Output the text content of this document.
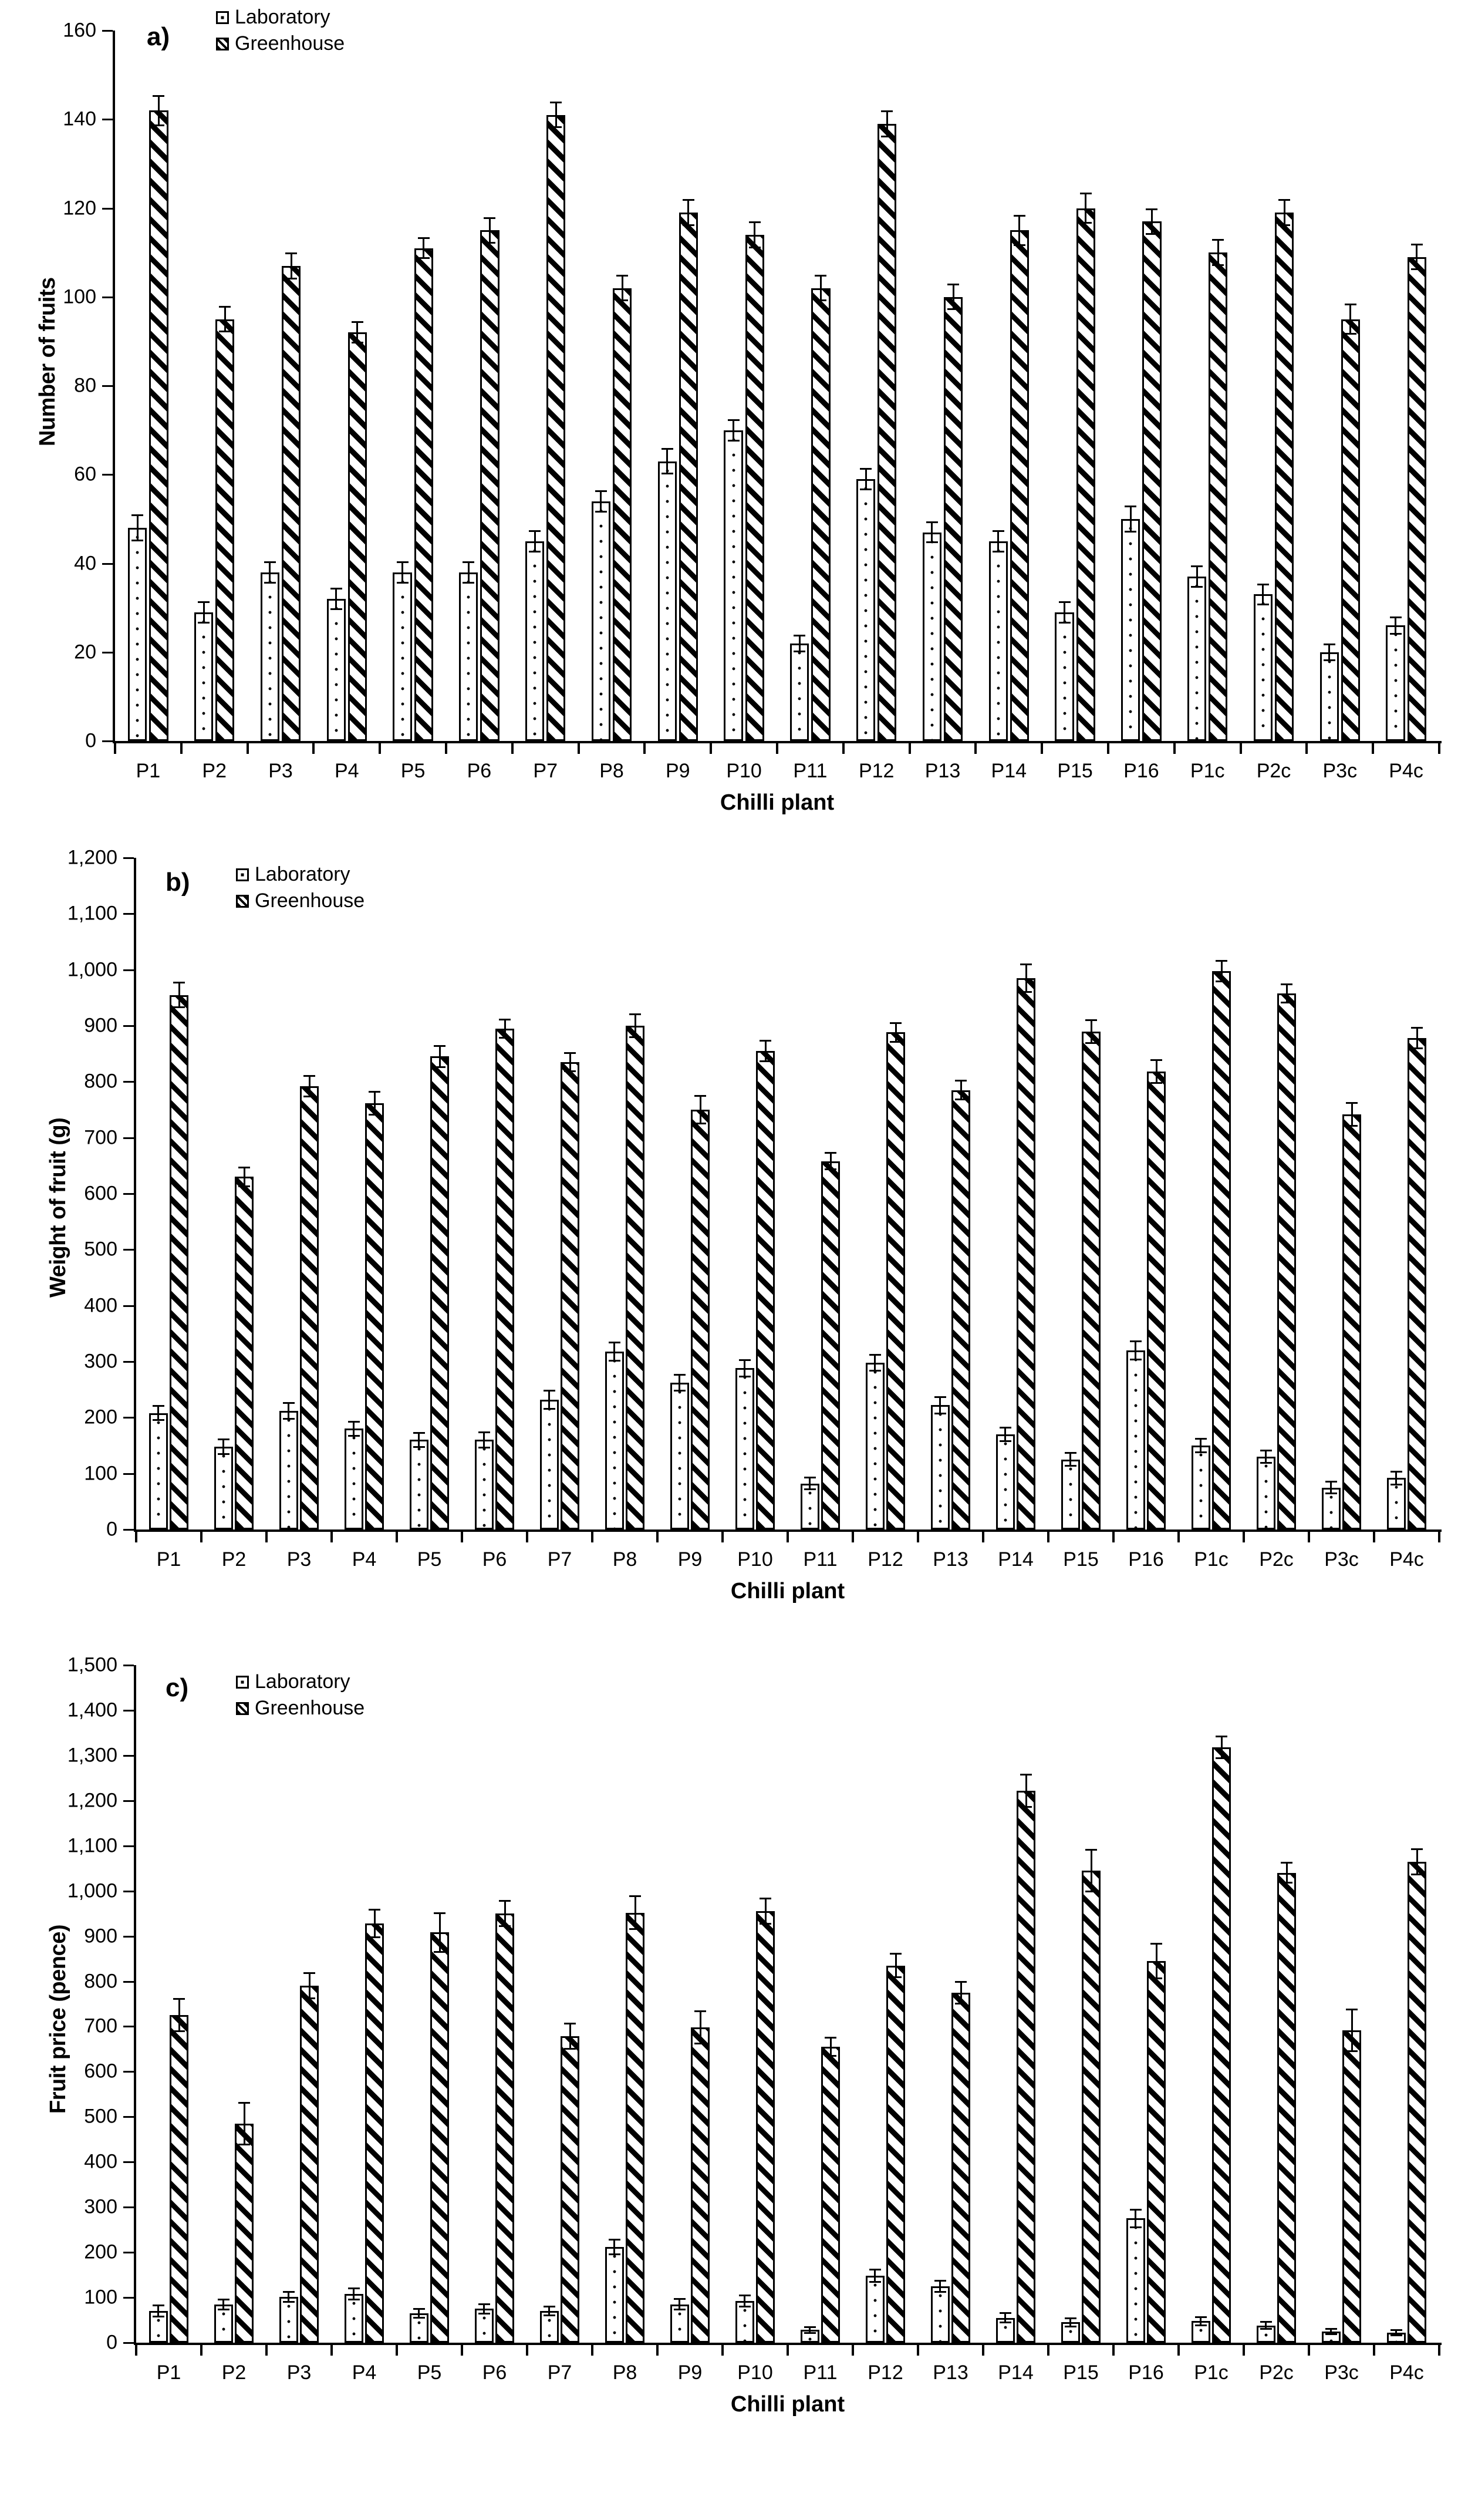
0
20
40
60
80
100
120
140
160
Number of fruits
a)
Laboratory
Greenhouse
P1	P2	P3	P4	P5	P6	P7	P8	P9	P10	P11	P12	P13	P14	P15	P16	P1c	P2c	P3c	P4c
Chilli plant
0
100
200
300
400
500
600
700
800
900
1,000
1,100
1,200
Weight of fruit (g)
b)	Laboratory
Greenhouse
P1	P2	P3	P4	P5	P6	P7	P8	P9	P10	P11	P12	P13	P14	P15	P16	P1c	P2c	P3c	P4c
Chilli plant
0
100
200
300
400
500
600
700
800
900
1,000
1,100
1,200
1,300
1,400
1,500
Fruit price (pence)
c)	Laboratory
Greenhouse
P1	P2	P3	P4	P5	P6	P7	P8	P9	P10	P11	P12	P13	P14	P15	P16	P1c	P2c	P3c	P4c
Chilli plant
